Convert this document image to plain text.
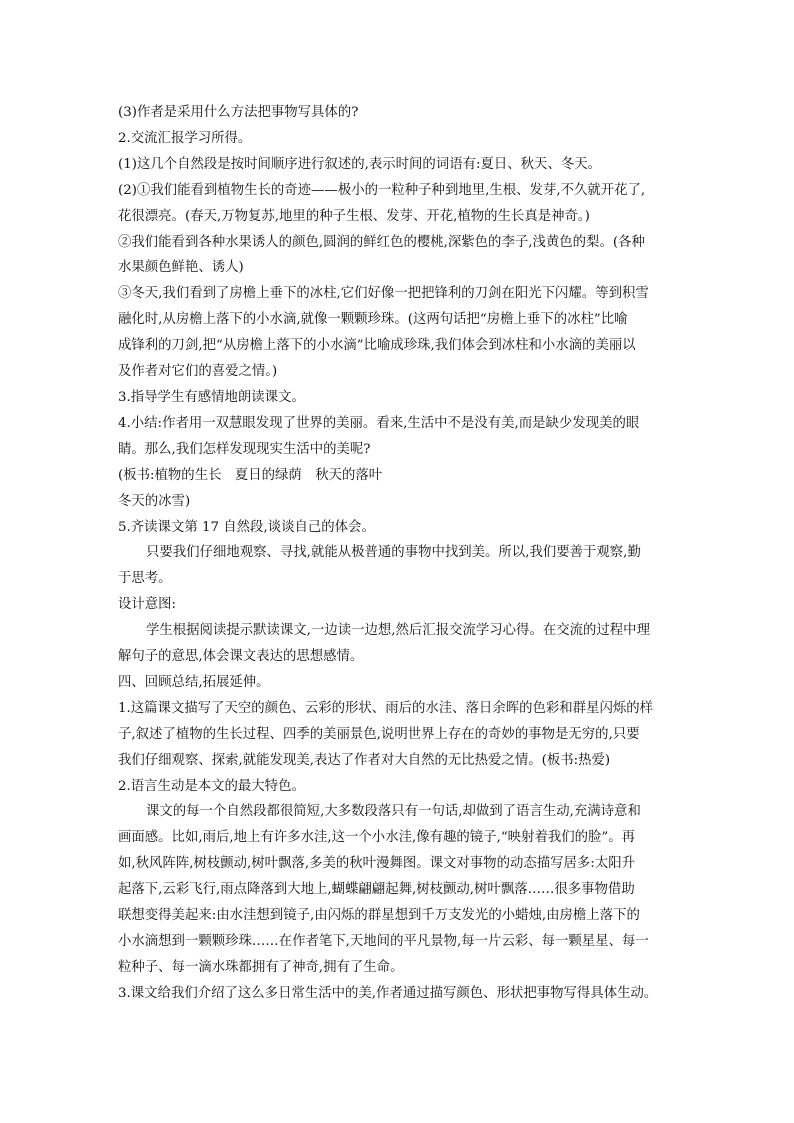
(3)作者是采用什么方法把事物写具体的?

2.交流汇报学习所得。

(1)这几个自然段是按时间顺序进行叙述的,表示时间的词语有:夏日、秋天、冬天。

(2)①我们能看到植物生长的奇迹——极小的一粒种子种到地里,生根、发芽,不久就开花了,

花很漂亮。(春天,万物复苏,地里的种子生根、发芽、开花,植物的生长真是神奇。)

②我们能看到各种水果诱人的颜色,圆润的鲜红色的樱桃,深紫色的李子,浅黄色的梨。(各种

水果颜色鲜艳、诱人)

③冬天,我们看到了房檐上垂下的冰柱,它们好像一把把锋利的刀剑在阳光下闪耀。等到积雪

融化时,从房檐上落下的小水滴,就像一颗颗珍珠。(这两句话把“房檐上垂下的冰柱”比喻

成锋利的刀剑,把“从房檐上落下的小水滴”比喻成珍珠,我们体会到冰柱和小水滴的美丽以

及作者对它们的喜爱之情。)

3.指导学生有感情地朗读课文。

4.小结:作者用一双慧眼发现了世界的美丽。看来,生活中不是没有美,而是缺少发现美的眼

睛。那么,我们怎样发现现实生活中的美呢?

(板书:植物的生长　夏日的绿荫　秋天的落叶

冬天的冰雪)

5.齐读课文第 17 自然段,谈谈自己的体会。

只要我们仔细地观察、寻找,就能从极普通的事物中找到美。所以,我们要善于观察,勤

于思考。

设计意图:

学生根据阅读提示默读课文,一边读一边想,然后汇报交流学习心得。在交流的过程中理

解句子的意思,体会课文表达的思想感情。

四、回顾总结,拓展延伸。

1.这篇课文描写了天空的颜色、云彩的形状、雨后的水洼、落日余晖的色彩和群星闪烁的样

子,叙述了植物的生长过程、四季的美丽景色,说明世界上存在的奇妙的事物是无穷的,只要

我们仔细观察、探索,就能发现美,表达了作者对大自然的无比热爱之情。(板书:热爱)

2.语言生动是本文的最大特色。

课文的每一个自然段都很简短,大多数段落只有一句话,却做到了语言生动,充满诗意和

画面感。比如,雨后,地上有许多水洼,这一个小水洼,像有趣的镜子,“映射着我们的脸”。再

如,秋风阵阵,树枝颤动,树叶飘落,多美的秋叶漫舞图。课文对事物的动态描写居多:太阳升

起落下,云彩飞行,雨点降落到大地上,蝴蝶翩翩起舞,树枝颤动,树叶飘落……很多事物借助

联想变得美起来:由水洼想到镜子,由闪烁的群星想到千万支发光的小蜡烛,由房檐上落下的

小水滴想到一颗颗珍珠……在作者笔下,天地间的平凡景物,每一片云彩、每一颗星星、每一

粒种子、每一滴水珠都拥有了神奇,拥有了生命。

3.课文给我们介绍了这么多日常生活中的美,作者通过描写颜色、形状把事物写得具体生动。
